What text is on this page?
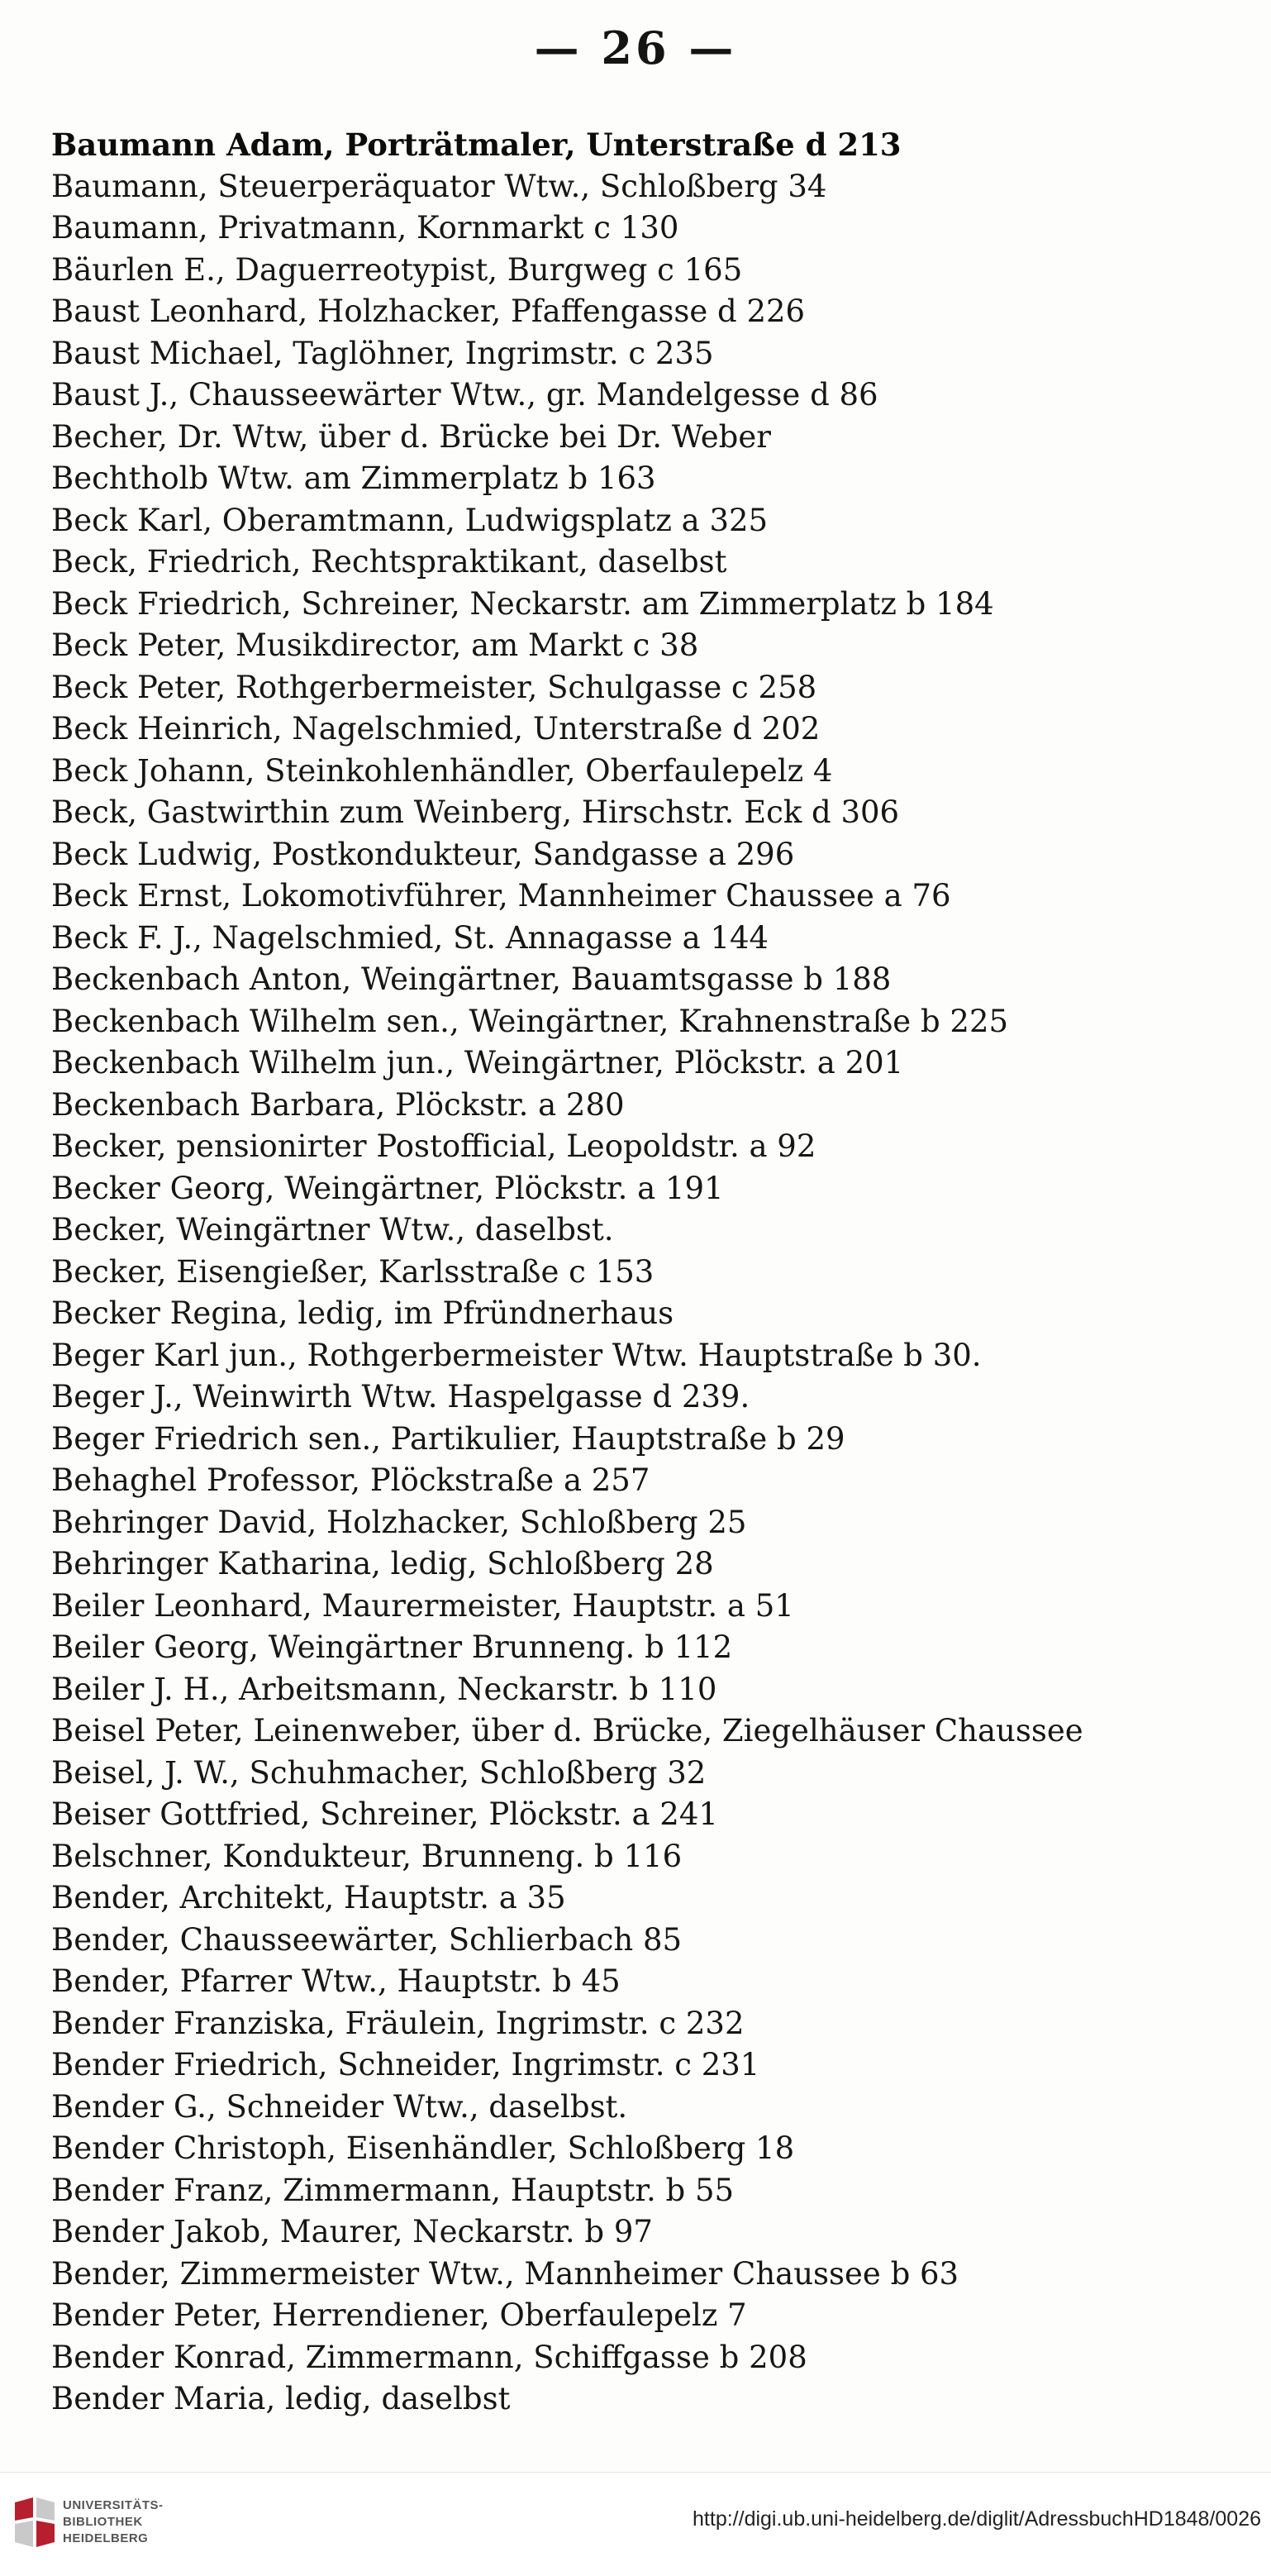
— 26 —
Baumann Adam, Porträtmaler, Unterstraße d 213
Baumann, Steuerperäquator Wtw., Schloßberg 34
Baumann, Privatmann, Kornmarkt c 130
Bäurlen E., Daguerreotypist, Burgweg c 165
Baust Leonhard, Holzhacker, Pfaffengasse d 226
Baust Michael, Taglöhner, Ingrimstr. c 235
Baust J., Chausseewärter Wtw., gr. Mandelgesse d 86
Becher, Dr. Wtw, über d. Brücke bei Dr. Weber
Bechtholb Wtw. am Zimmerplatz b 163
Beck Karl, Oberamtmann, Ludwigsplatz a 325
Beck, Friedrich, Rechtspraktikant, daselbst
Beck Friedrich, Schreiner, Neckarstr. am Zimmerplatz b 184
Beck Peter, Musikdirector, am Markt c 38
Beck Peter, Rothgerbermeister, Schulgasse c 258
Beck Heinrich, Nagelschmied, Unterstraße d 202
Beck Johann, Steinkohlenhändler, Oberfaulepelz 4
Beck, Gastwirthin zum Weinberg, Hirschstr. Eck d 306
Beck Ludwig, Postkondukteur, Sandgasse a 296
Beck Ernst, Lokomotivführer, Mannheimer Chaussee a 76
Beck F. J., Nagelschmied, St. Annagasse a 144
Beckenbach Anton, Weingärtner, Bauamtsgasse b 188
Beckenbach Wilhelm sen., Weingärtner, Krahnenstraße b 225
Beckenbach Wilhelm jun., Weingärtner, Plöckstr. a 201
Beckenbach Barbara, Plöckstr. a 280
Becker, pensionirter Postofficial, Leopoldstr. a 92
Becker Georg, Weingärtner, Plöckstr. a 191
Becker, Weingärtner Wtw., daselbst.
Becker, Eisengießer, Karlsstraße c 153
Becker Regina, ledig, im Pfründnerhaus
Beger Karl jun., Rothgerbermeister Wtw. Hauptstraße b 30.
Beger J., Weinwirth Wtw. Haspelgasse d 239.
Beger Friedrich sen., Partikulier, Hauptstraße b 29
Behaghel Professor, Plöckstraße a 257
Behringer David, Holzhacker, Schloßberg 25
Behringer Katharina, ledig, Schloßberg 28
Beiler Leonhard, Maurermeister, Hauptstr. a 51
Beiler Georg, Weingärtner Brunneng. b 112
Beiler J. H., Arbeitsmann, Neckarstr. b 110
Beisel Peter, Leinenweber, über d. Brücke, Ziegelhäuser Chaussee
Beisel, J. W., Schuhmacher, Schloßberg 32
Beiser Gottfried, Schreiner, Plöckstr. a 241
Belschner, Kondukteur, Brunneng. b 116
Bender, Architekt, Hauptstr. a 35
Bender, Chausseewärter, Schlierbach 85
Bender, Pfarrer Wtw., Hauptstr. b 45
Bender Franziska, Fräulein, Ingrimstr. c 232
Bender Friedrich, Schneider, Ingrimstr. c 231
Bender G., Schneider Wtw., daselbst.
Bender Christoph, Eisenhändler, Schloßberg 18
Bender Franz, Zimmermann, Hauptstr. b 55
Bender Jakob, Maurer, Neckarstr. b 97
Bender, Zimmermeister Wtw., Mannheimer Chaussee b 63
Bender Peter, Herrendiener, Oberfaulepelz 7
Bender Konrad, Zimmermann, Schiffgasse b 208
Bender Maria, ledig, daselbst
UNIVERSITÄTS-
BIBLIOTHEK
HEIDELBERG
http://digi.ub.uni-heidelberg.de/diglit/AdressbuchHD1848/0026
